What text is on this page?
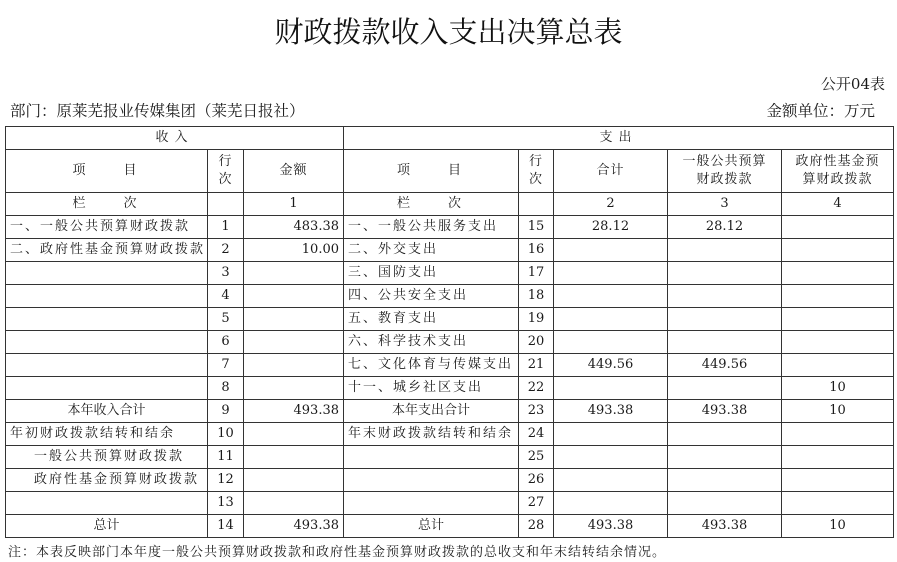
财政拨款收入支出决算总表
公开04表
部门：原莱芜报业传媒集团（莱芜日报社）	金额单位：万元
收入			支出				
项　　目	行次	金额	项　　目	行次	合计	一般公共预算财政拨款	政府性基金预算财政拨款

栏　　次		1	栏　　次		2	3	4
一、一般公共预算财政拨款	1	483.38	一、一般公共服务支出	15	28.12	28.12	
二、政府性基金预算财政拨款	2	10.00	二、外交支出	16			
	3		三、国防支出	17			
	4		四、公共安全支出	18			
	5		五、教育支出	19			
	6		六、科学技术支出	20			
	7		七、文化体育与传媒支出	21	449.56	449.56	
	8		十一、城乡社区支出	22			10
本年收入合计	9	493.38	本年支出合计	23	493.38	493.38	10
年初财政拨款结转和结余	10		年末财政拨款结转和结余	24			
一般公共预算财政拨款	11			25			
政府性基金预算财政拨款	12			26			
	13			27			
总计	14	493.38	总计	28	493.38	493.38	10
注：本表反映部门本年度一般公共预算财政拨款和政府性基金预算财政拨款的总收支和年末结转结余情况。
